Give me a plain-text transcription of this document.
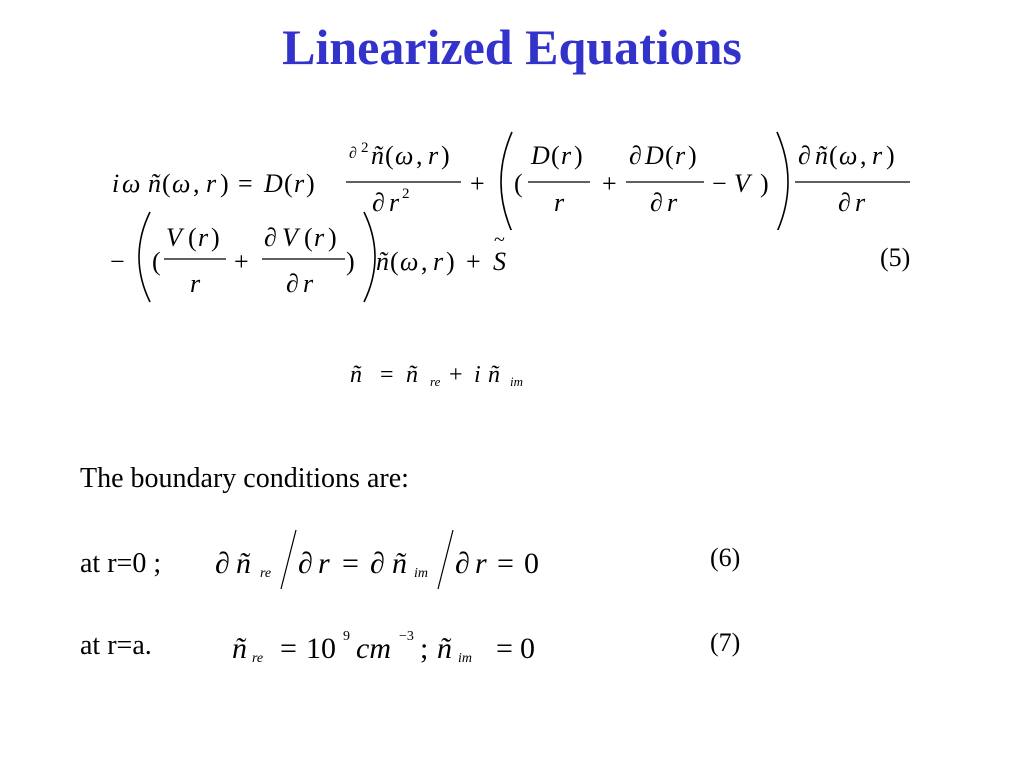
Linearized Equations
i ω ñ ( ω , r ) = D ( r )
∂ 2 ñ ( ω , r )
∂ r 2 + (
D ( r )
r
+
∂ D ( r )
∂ r
− V )
∂ ñ ( ω , r )
∂ r
− (
V ( r )
r
+
∂ V ( r )
∂ r
) ñ ( ω , r ) + S
~
(5)
ñ = ñ re + i ñ im
The boundary conditions are:
at r=0 ; ∂ ñ re ∂ r = ∂ ñ im ∂ r = 0	(6)
at r=a.	ñ re = 10 9 cm −3 ; ñ im = 0	(7)
